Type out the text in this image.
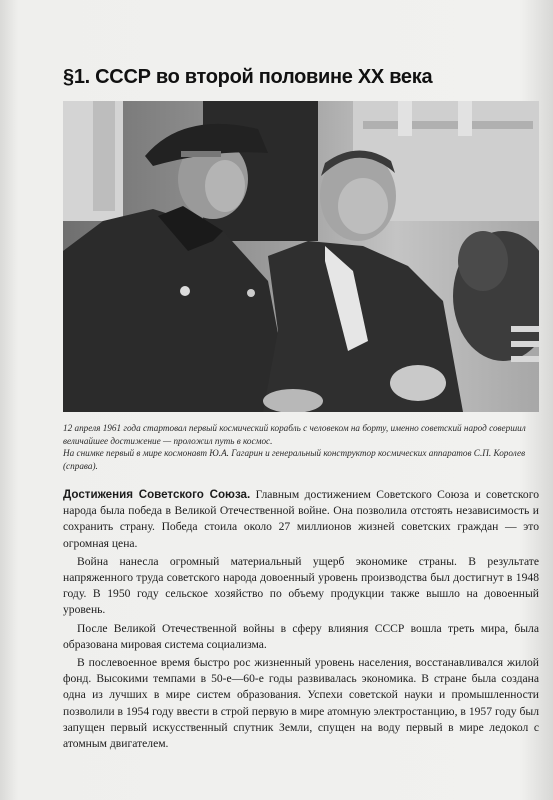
§1. СССР во второй половине XX века

12 апреля 1961 года стартовал первый космический корабль с человеком на борту, именно советский народ совершил величайшее достижение — проложил путь в космос.

На снимке первый в мире космонавт Ю.А. Гагарин и генеральный конструктор космических аппаратов С.П. Королев (справа).

Достижения Советского Союза. Главным достижением Советского Союза и советского народа была победа в Великой Отечественной войне. Она позволила отстоять независимость и сохранить страну. Победа стоила около 27 миллионов жизней советских граждан — это огромная цена.

Война нанесла огромный материальный ущерб экономике страны. В результате напряженного труда советского народа довоенный уровень производства был достигнут в 1948 году. В 1950 году сельское хозяйство по объему продукции также вышло на довоенный уровень.

После Великой Отечественной войны в сферу влияния СССР вошла треть мира, была образована мировая система социализма.

В послевоенное время быстро рос жизненный уровень населения, восстанавливался жилой фонд. Высокими темпами в 50-е—60-е годы развивалась экономика. В стране была создана одна из лучших в мире систем образования. Успехи советской науки и промышленности позволили в 1954 году ввести в строй первую в мире атомную электростанцию, в 1957 году был запущен первый искусственный спутник Земли, спущен на воду первый в мире ледокол с атомным двигателем.
